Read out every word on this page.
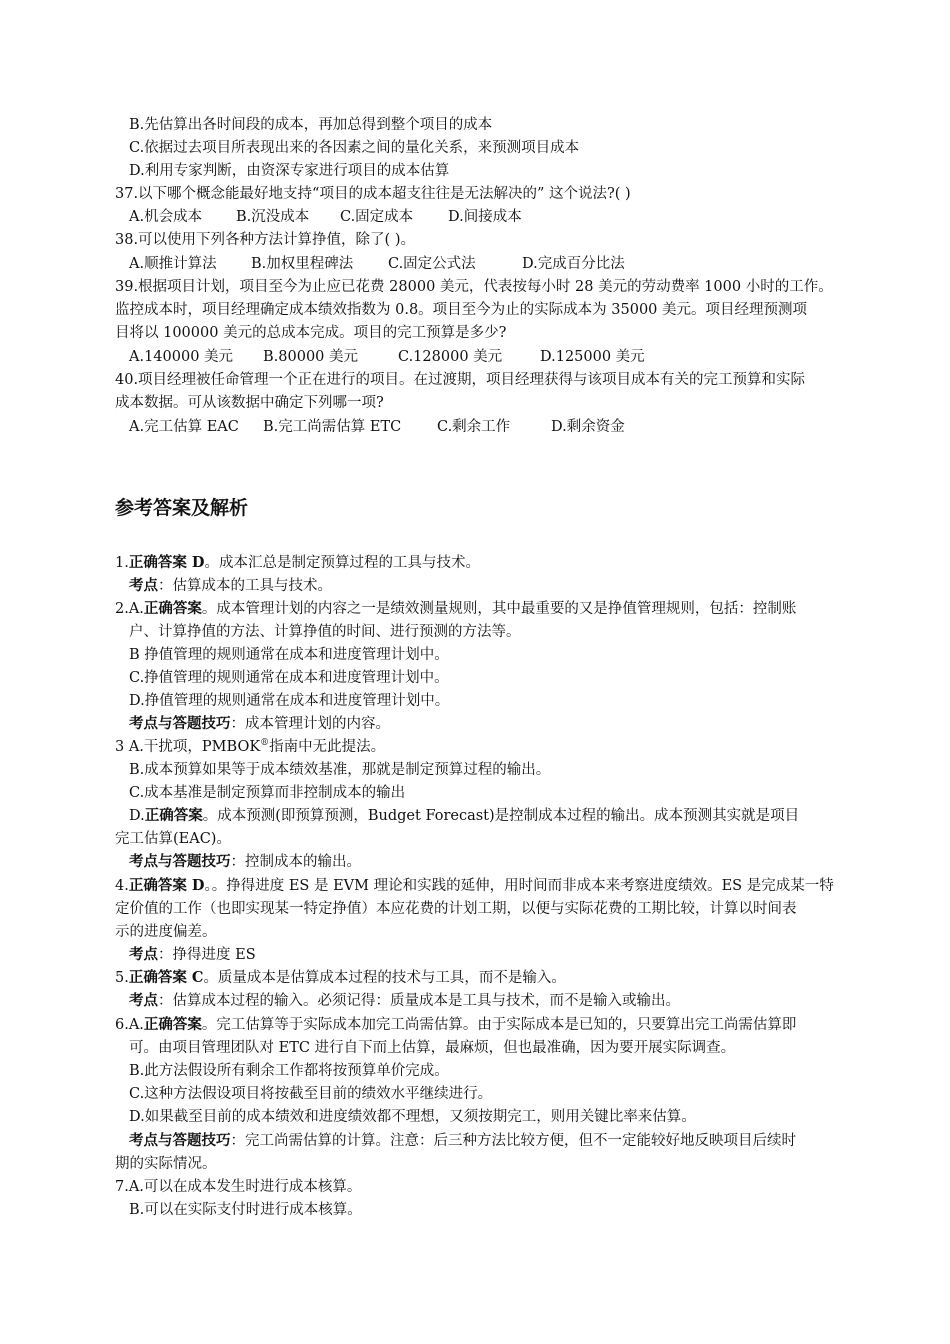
B.先估算出各时间段的成本，再加总得到整个项目的成本
C.依据过去项目所表现出来的各因素之间的量化关系，来预测项目成本
D.利用专家判断，由资深专家进行项目的成本估算
37.以下哪个概念能最好地支持“项目的成本超支往往是无法解决的” 这个说法?( )
A.机会成本 B.沉没成本 C.固定成本 D.间接成本
38.可以使用下列各种方法计算挣值，除了( )。
A.顺推计算法 B.加权里程碑法 C.固定公式法	D.完成百分比法
39.根据项目计划，项目至今为止应已花费 28000 美元，代表按每小时 28 美元的劳动费率 1000 小时的工作。
监控成本时，项目经理确定成本绩效指数为 0.8。项目至今为止的实际成本为 35000 美元。项目经理预测项
目将以 100000 美元的总成本完成。项目的完工预算是多少?
A.140000 美元 B.80000 美元	C.128000 美元	D.125000 美元
40.项目经理被任命管理一个正在进行的项目。在过渡期，项目经理获得与该项目成本有关的完工预算和实际
成本数据。可从该数据中确定下列哪一项?
A.完工估算 EAC B.完工尚需估算 ETC C.剩余工作	D.剩余资金
参考答案及解析
1.正确答案 D。成本汇总是制定预算过程的工具与技术。
考点：估算成本的工具与技术。
2.A.正确答案。成本管理计划的内容之一是绩效测量规则，其中最重要的又是挣值管理规则，包括：控制账
户、计算挣值的方法、计算挣值的时间、进行预测的方法等。
B 挣值管理的规则通常在成本和进度管理计划中。
C.挣值管理的规则通常在成本和进度管理计划中。
D.挣值管理的规则通常在成本和进度管理计划中。
考点与答题技巧：成本管理计划的内容。
3 A.干扰项，PMBOK®指南中无此提法。
B.成本预算如果等于成本绩效基准，那就是制定预算过程的输出。
C.成本基准是制定预算而非控制成本的输出
D.正确答案。成本预测(即预算预测，Budget Forecast)是控制成本过程的输出。成本预测其实就是项目
完工估算(EAC)。
考点与答题技巧：控制成本的输出。
4.正确答案 D。。挣得进度 ES 是 EVM 理论和实践的延伸，用时间而非成本来考察进度绩效。ES 是完成某一特
定价值的工作（也即实现某一特定挣值）本应花费的计划工期，以便与实际花费的工期比较，计算以时间表
示的进度偏差。
考点：挣得进度 ES
5.正确答案 C。质量成本是估算成本过程的技术与工具，而不是输入。
考点：估算成本过程的输入。必须记得：质量成本是工具与技术，而不是输入或输出。
6.A.正确答案。完工估算等于实际成本加完工尚需估算。由于实际成本是已知的，只要算出完工尚需估算即
可。由项目管理团队对 ETC 进行自下而上估算，最麻烦，但也最准确，因为要开展实际调查。
B.此方法假设所有剩余工作都将按预算单价完成。
C.这种方法假设项目将按截至目前的绩效水平继续进行。
D.如果截至目前的成本绩效和进度绩效都不理想，又须按期完工，则用关键比率来估算。
考点与答题技巧：完工尚需估算的计算。注意：后三种方法比较方便，但不一定能较好地反映项目后续时
期的实际情况。
7.A.可以在成本发生时进行成本核算。
B.可以在实际支付时进行成本核算。
